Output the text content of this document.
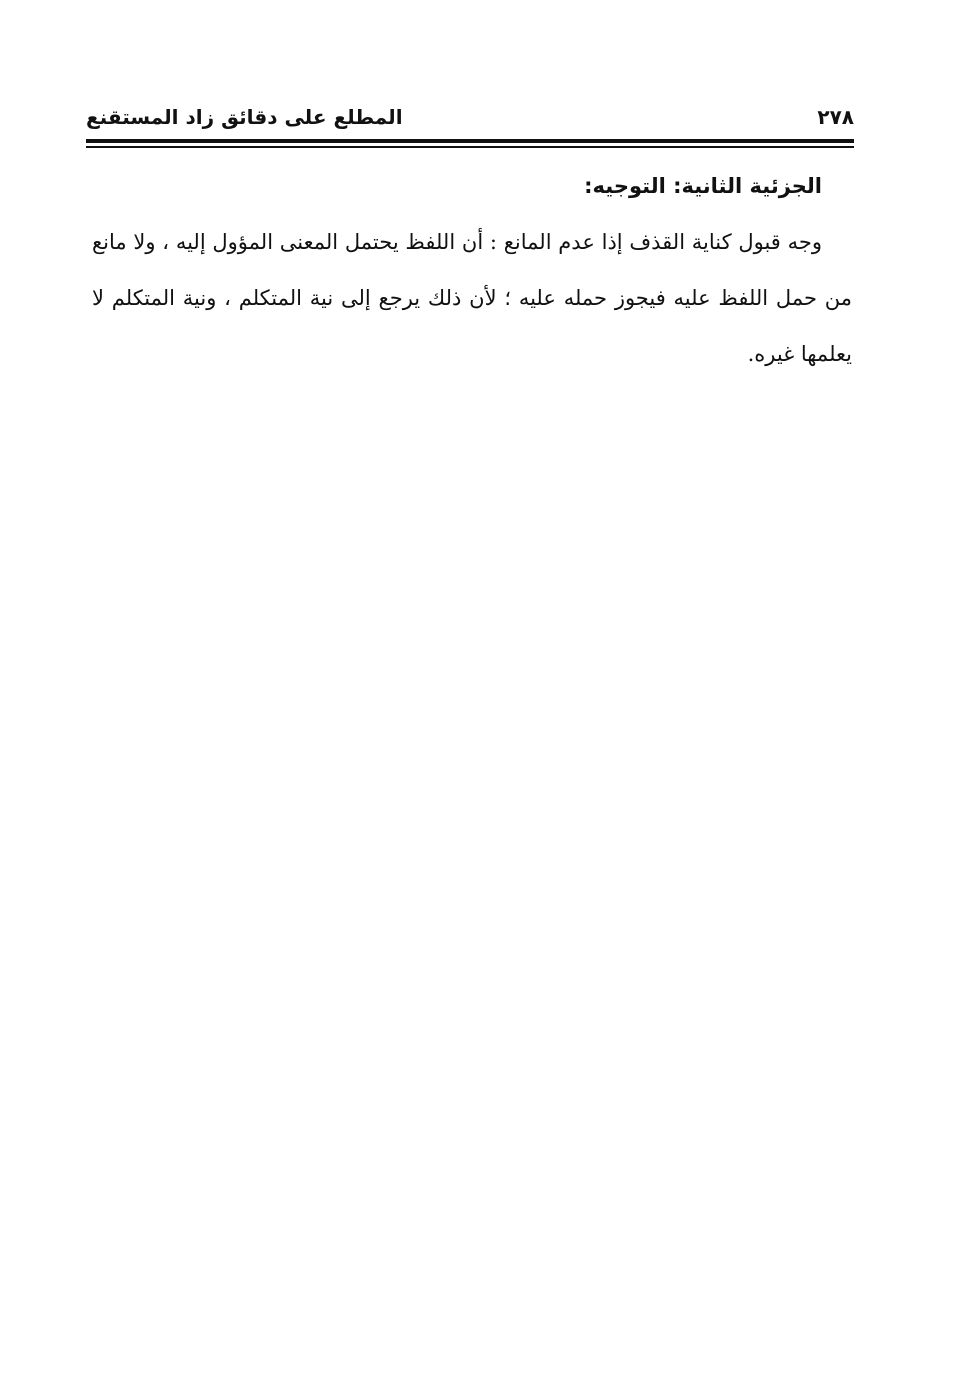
٢٧٨
المطلع على دقائق زاد المستقنع
الجزئية الثانية: التوجيه:

وجه قبول كناية القذف إذا عدم المانع : أن اللفظ يحتمل المعنى المؤول إليه ، ولا مانع من حمل اللفظ عليه فيجوز حمله عليه ؛ لأن ذلك يرجع إلى نية المتكلم ، ونية المتكلم لا يعلمها غيره.
